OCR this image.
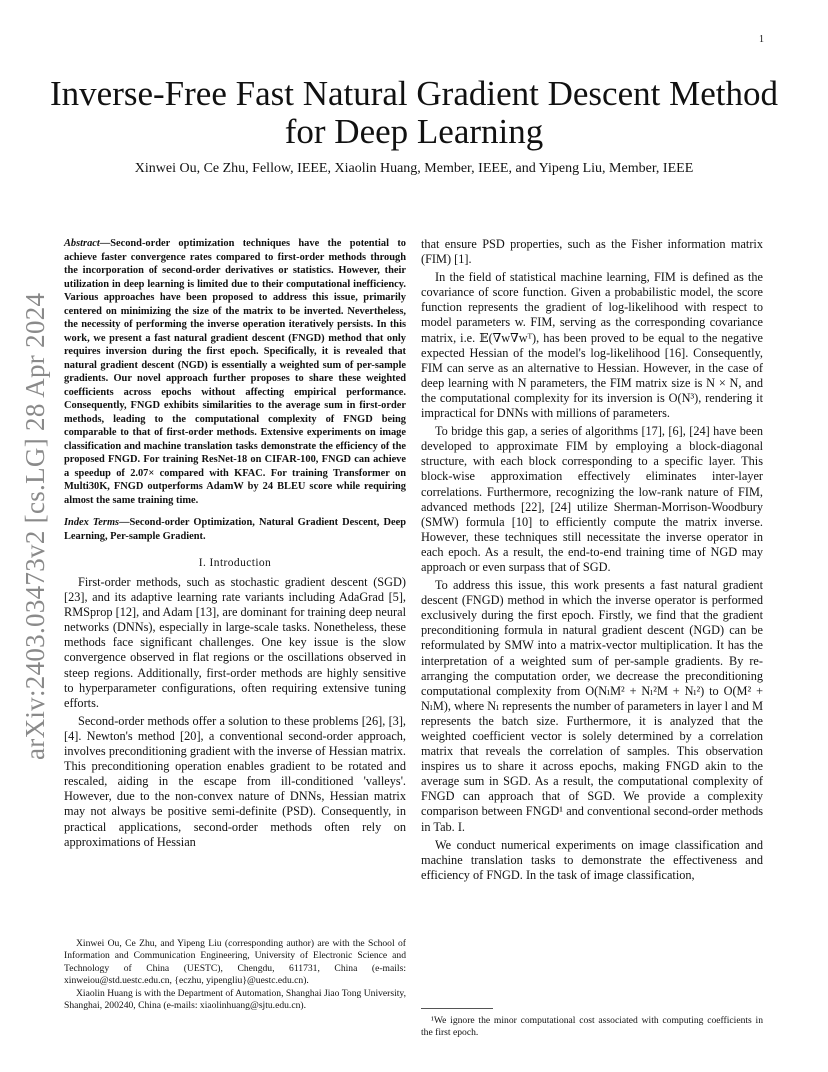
1
arXiv:2403.03473v2 [cs.LG] 28 Apr 2024
Inverse-Free Fast Natural Gradient Descent Method
for Deep Learning
Xinwei Ou, Ce Zhu, Fellow, IEEE, Xiaolin Huang, Member, IEEE, and Yipeng Liu, Member, IEEE
Abstract—Second-order optimization techniques have the potential to achieve faster convergence rates compared to first-order methods through the incorporation of second-order derivatives or statistics. However, their utilization in deep learning is limited due to their computational inefficiency. Various approaches have been proposed to address this issue, primarily centered on minimizing the size of the matrix to be inverted. Nevertheless, the necessity of performing the inverse operation iteratively persists. In this work, we present a fast natural gradient descent (FNGD) method that only requires inversion during the first epoch. Specifically, it is revealed that natural gradient descent (NGD) is essentially a weighted sum of per-sample gradients. Our novel approach further proposes to share these weighted coefficients across epochs without affecting empirical performance. Consequently, FNGD exhibits similarities to the average sum in first-order methods, leading to the computational complexity of FNGD being comparable to that of first-order methods. Extensive experiments on image classification and machine translation tasks demonstrate the efficiency of the proposed FNGD. For training ResNet-18 on CIFAR-100, FNGD can achieve a speedup of 2.07× compared with KFAC. For training Transformer on Multi30K, FNGD outperforms AdamW by 24 BLEU score while requiring almost the same training time.
Index Terms—Second-order Optimization, Natural Gradient Descent, Deep Learning, Per-sample Gradient.
I. Introduction

First-order methods, such as stochastic gradient descent (SGD) [23], and its adaptive learning rate variants including AdaGrad [5], RMSprop [12], and Adam [13], are dominant for training deep neural networks (DNNs), especially in large-scale tasks. Nonetheless, these methods face significant challenges. One key issue is the slow convergence observed in flat regions or the oscillations observed in steep regions. Additionally, first-order methods are highly sensitive to hyperparameter configurations, often requiring extensive tuning efforts.

Second-order methods offer a solution to these problems [26], [3], [4]. Newton's method [20], a conventional second-order approach, involves preconditioning gradient with the inverse of Hessian matrix. This preconditioning operation enables gradient to be rotated and rescaled, aiding in the escape from ill-conditioned 'valleys'. However, due to the non-convex nature of DNNs, Hessian matrix may not always be positive semi-definite (PSD). Consequently, in practical applications, second-order methods often rely on approximations of Hessian

Xinwei Ou, Ce Zhu, and Yipeng Liu (corresponding author) are with the School of Information and Communication Engineering, University of Electronic Science and Technology of China (UESTC), Chengdu, 611731, China (e-mails: xinweiou@std.uestc.edu.cn, {eczhu, yipengliu}@uestc.edu.cn).

Xiaolin Huang is with the Department of Automation, Shanghai Jiao Tong University, Shanghai, 200240, China (e-mails: xiaolinhuang@sjtu.edu.cn).

that ensure PSD properties, such as the Fisher information matrix (FIM) [1].

In the field of statistical machine learning, FIM is defined as the covariance of score function. Given a probabilistic model, the score function represents the gradient of log-likelihood with respect to model parameters w. FIM, serving as the corresponding covariance matrix, i.e. 𝔼(∇w∇wᵀ), has been proved to be equal to the negative expected Hessian of the model's log-likelihood [16]. Consequently, FIM can serve as an alternative to Hessian. However, in the case of deep learning with N parameters, the FIM matrix size is N × N, and the computational complexity for its inversion is O(N³), rendering it impractical for DNNs with millions of parameters.

To bridge this gap, a series of algorithms [17], [6], [24] have been developed to approximate FIM by employing a block-diagonal structure, with each block corresponding to a specific layer. This block-wise approximation effectively eliminates inter-layer correlations. Furthermore, recognizing the low-rank nature of FIM, advanced methods [22], [24] utilize Sherman-Morrison-Woodbury (SMW) formula [10] to efficiently compute the matrix inverse. However, these techniques still necessitate the inverse operator in each epoch. As a result, the end-to-end training time of NGD may approach or even surpass that of SGD.

To address this issue, this work presents a fast natural gradient descent (FNGD) method in which the inverse operator is performed exclusively during the first epoch. Firstly, we find that the gradient preconditioning formula in natural gradient descent (NGD) can be reformulated by SMW into a matrix-vector multiplication. It has the interpretation of a weighted sum of per-sample gradients. By re-arranging the computation order, we decrease the preconditioning computational complexity from O(NₗM² + Nₗ²M + Nₗ²) to O(M² + NₗM), where Nₗ represents the number of parameters in layer l and M represents the batch size. Furthermore, it is analyzed that the weighted coefficient vector is solely determined by a correlation matrix that reveals the correlation of samples. This observation inspires us to share it across epochs, making FNGD akin to the average sum in SGD. As a result, the computational complexity of FNGD can approach that of SGD. We provide a complexity comparison between FNGD¹ and conventional second-order methods in Tab. I.

We conduct numerical experiments on image classification and machine translation tasks to demonstrate the effectiveness and efficiency of FNGD. In the task of image classification,

¹We ignore the minor computational cost associated with computing coefficients in the first epoch.
